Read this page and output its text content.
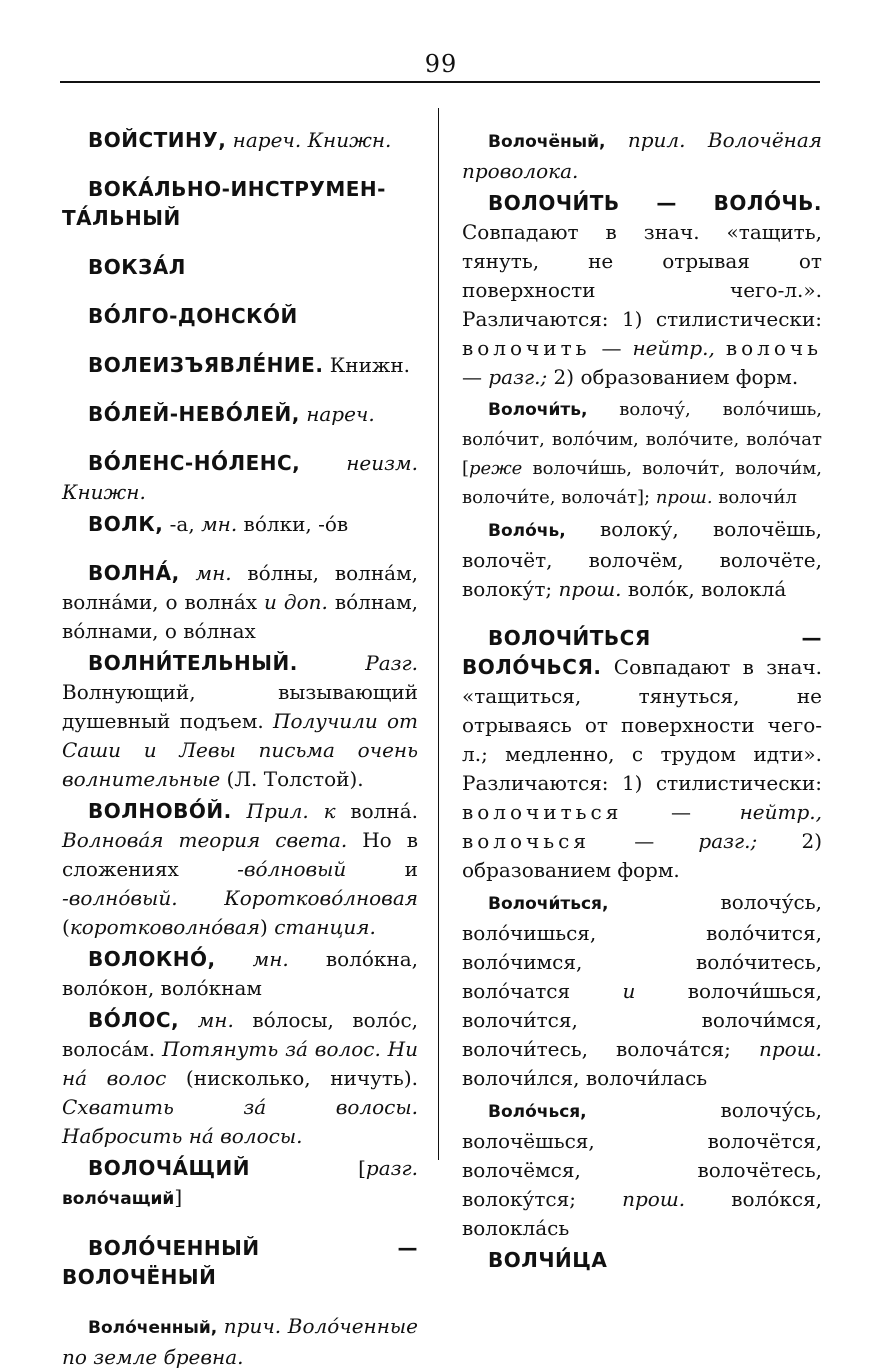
99

ВОЙСТИНУ, нареч. Книжн.

ВОКА́ЛЬНО-ИНСТРУМЕН-ТА́ЛЬНЫЙ

ВОКЗА́Л

ВО́ЛГО-ДОНСКО́Й

ВОЛЕИЗЪЯВЛЕ́НИЕ. Книжн.

ВО́ЛЕЙ-НЕВО́ЛЕЙ, нареч.

ВО́ЛЕНС-НО́ЛЕНС, неизм. Книжн.

ВОЛК, -а, мн. во́лки, -о́в

ВОЛНА́, мн. во́лны, волна́м, волна́ми, о волна́х и доп. во́лнам, во́лнами, о во́лнах

ВОЛНИ́ТЕЛЬНЫЙ.	Разг. Волнующий, вызывающий душевный подъем. Получили от Саши и Левы письма очень волнительные (Л. Толстой).

ВОЛНОВО́Й. Прил. к волна́. Волнова́я теория света. Но в сложениях -во́лновый и -волно́вый. Коротково́лновая (коротковолно́вая) станция.

ВОЛОКНО́, мн. воло́кна, воло́кон, воло́кнам

ВО́ЛОС, мн. во́лосы, воло́с, волоса́м. Потянуть за́ волос. Ни на́ волос (нисколько, ничуть). Схватить за́ волосы. Набросить на́ волосы.

ВОЛОЧА́ЩИЙ [разг. воло́чащий]

ВОЛО́ЧЕННЫЙ — ВОЛОЧЁНЫЙ

Воло́ченный, прич. Воло́ченные по земле бревна.

Волочёный, прил. Волочёная проволока.

ВОЛОЧИ́ТЬ — ВОЛО́ЧЬ. Совпадают в знач. «тащить, тянуть, не отрывая от поверхности чего-л.». Различаются: 1) стилистически: волочить — нейтр., волочь — разг.; 2) образованием форм.

Волочи́ть, волочу́, воло́чишь, воло́чит, воло́чим, воло́чите, воло́чат [реже волочи́шь, волочи́т, волочи́м, волочи́те, волоча́т]; прош. волочи́л

Воло́чь, волоку́, волочёшь, волочёт, волочём, волочёте, волоку́т; прош. воло́к, волокла́

ВОЛОЧИ́ТЬСЯ — ВОЛО́ЧЬСЯ. Совпадают в знач. «тащиться, тянуться, не отрываясь от поверхности чего-л.; медленно, с трудом идти». Различаются: 1) стилистически: волочиться — нейтр., волочься — разг.; 2) образованием форм.

Волочи́ться, волочу́сь, воло́чишься, воло́чится, воло́чимся, воло́читесь, воло́чатся и волочи́шься, волочи́тся, волочи́мся, волочи́тесь, волоча́тся; прош. волочи́лся, волочи́лась

Воло́чься, волочу́сь, волочёшься, волочётся, волочёмся, волочётесь, волоку́тся; прош. воло́кся, волокла́сь

ВОЛЧИ́ЦА
